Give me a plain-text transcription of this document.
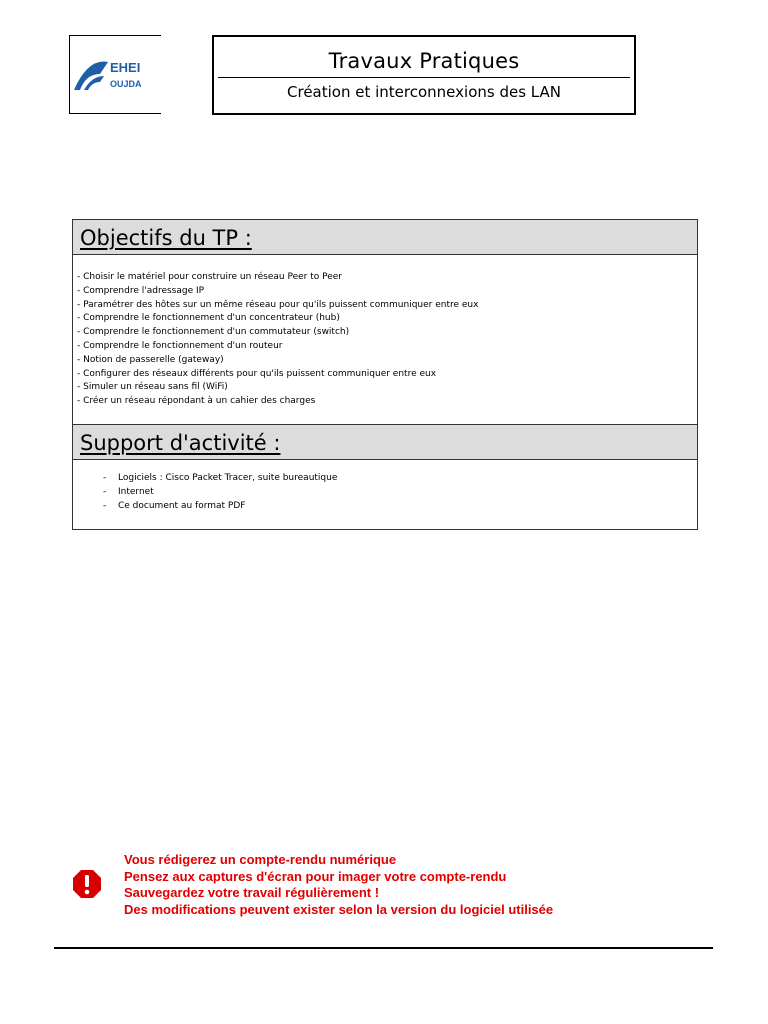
EHEI
OUJDA
Travaux Pratiques
Création et interconnexions des LAN
Objectifs du TP :
- Choisir le matériel pour construire un réseau Peer to Peer
- Comprendre l'adressage IP
- Paramétrer des hôtes sur un même réseau pour qu'ils puissent communiquer entre eux
- Comprendre le fonctionnement d'un concentrateur (hub)
- Comprendre le fonctionnement d'un commutateur (switch)
- Comprendre le fonctionnement d'un routeur
- Notion de passerelle (gateway)
- Configurer des réseaux différents pour qu'ils puissent communiquer entre eux
- Simuler un réseau sans fil (WiFi)
- Créer un réseau répondant à un cahier des charges
Support d'activité :
- Logiciels : Cisco Packet Tracer, suite bureautique
- Internet
- Ce document au format PDF
Vous rédigerez un compte-rendu numérique
Pensez aux captures d'écran pour imager votre compte-rendu
Sauvegardez votre travail régulièrement !
Des modifications peuvent exister selon la version du logiciel utilisée
